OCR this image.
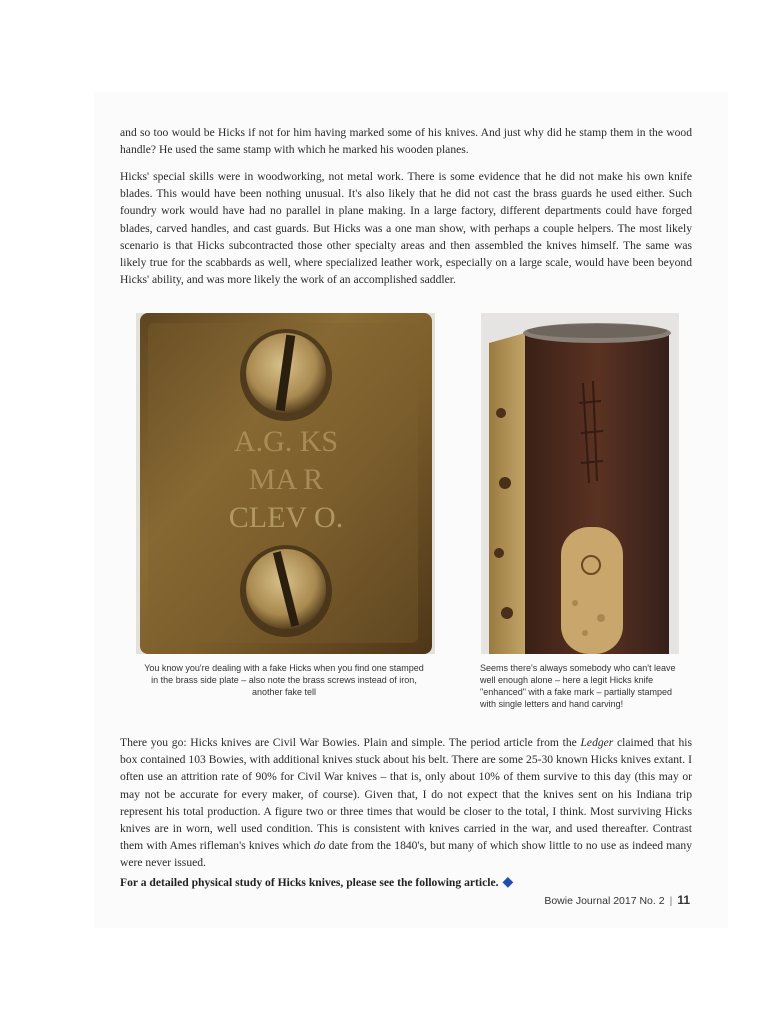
and so too would be Hicks if not for him having marked some of his knives. And just why did he stamp them in the wood handle? He used the same stamp with which he marked his wooden planes.

Hicks' special skills were in woodworking, not metal work. There is some evidence that he did not make his own knife blades. This would have been nothing unusual. It's also likely that he did not cast the brass guards he used either. Such foundry work would have had no parallel in plane making. In a large factory, different departments could have forged blades, carved handles, and cast guards. But Hicks was a one man show, with perhaps a couple helpers. The most likely scenario is that Hicks subcontracted those other specialty areas and then assembled the knives himself. The same was likely true for the scabbards as well, where specialized leather work, especially on a large scale, would have been beyond Hicks' ability, and was more likely the work of an accomplished saddler.

A.G. KS
MA R
CLEV O.

You know you're dealing with a fake Hicks when you find one stamped in the brass side plate – also note the brass screws instead of iron, another fake tell

Seems there's always somebody who can't leave well enough alone – here a legit Hicks knife "enhanced" with a fake mark – partially stamped with single letters and hand carving!

There you go: Hicks knives are Civil War Bowies. Plain and simple. The period article from the Ledger claimed that his box contained 103 Bowies, with additional knives stuck about his belt. There are some 25-30 known Hicks knives extant. I often use an attrition rate of 90% for Civil War knives – that is, only about 10% of them survive to this day (this may or may not be accurate for every maker, of course). Given that, I do not expect that the knives sent on his Indiana trip represent his total production. A figure two or three times that would be closer to the total, I think. Most surviving Hicks knives are in worn, well used condition. This is consistent with knives carried in the war, and used thereafter. Contrast them with Ames rifleman's knives which do date from the 1840's, but many of which show little to no use as indeed many were never issued.

For a detailed physical study of Hicks knives, please see the following article. ◆

Bowie Journal 2017 No. 2 | 11
